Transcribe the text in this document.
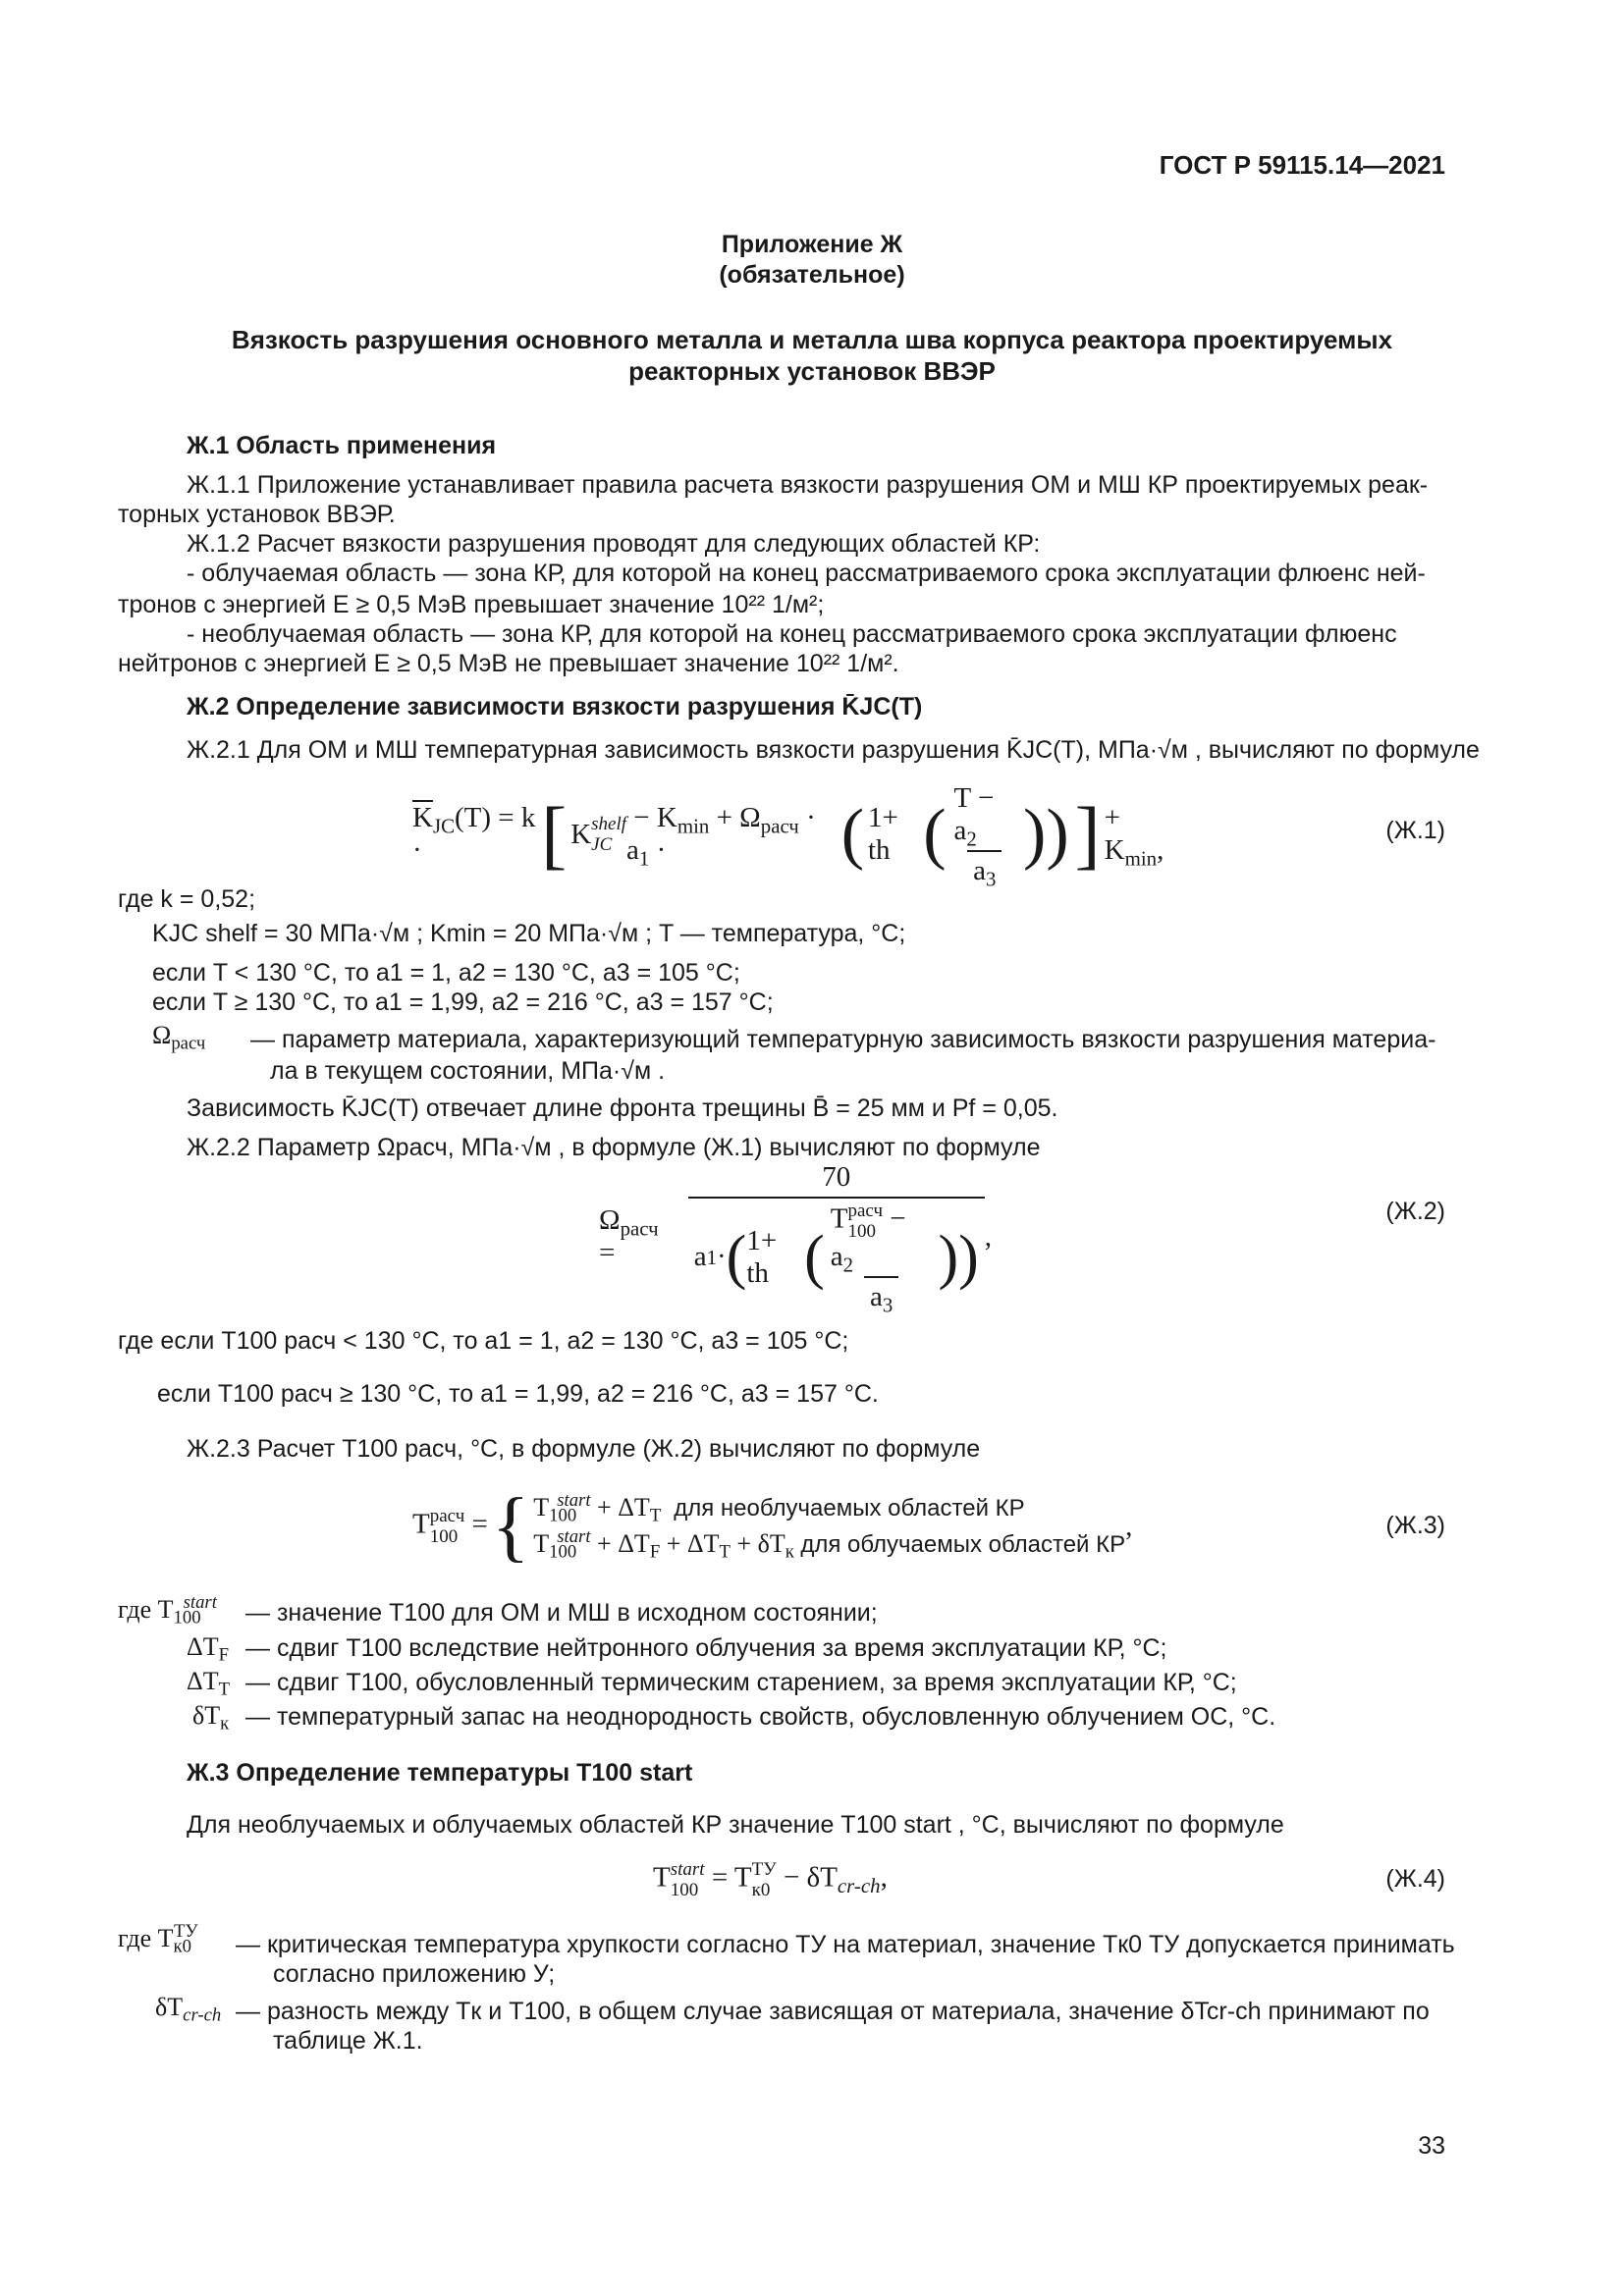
ГОСТ Р 59115.14—2021
Приложение Ж
(обязательное)
Вязкость разрушения основного металла и металла шва корпуса реактора проектируемых
реакторных установок ВВЭР
Ж.1 Область применения
Ж.1.1 Приложение устанавливает правила расчета вязкости разрушения ОМ и МШ КР проектируемых реак-
торных установок ВВЭР.
Ж.1.2 Расчет вязкости разрушения проводят для следующих областей КР:
- облучаемая область — зона КР, для которой на конец рассматриваемого срока эксплуатации флюенс ней-
тронов с энергией E ≥ 0,5 МэВ превышает значение 10²² 1/м²;
- необлучаемая область — зона КР, для которой на конец рассматриваемого срока эксплуатации флюенс
нейтронов с энергией E ≥ 0,5 МэВ не превышает значение 10²² 1/м².
Ж.2 Определение зависимости вязкости разрушения K̄JC(T)
Ж.2.1 Для ОМ и МШ температурная зависимость вязкости разрушения K̄JC(T), МПа·√м , вычисляют по формуле
$\overline{K}_{JC}(T) = k$ ·	[ K shelf
JC
− $K_{min} + \Omega_{расч} \cdot a_1$ ·	( 1+ th ( $\frac{T - a_2}{a_3}$ )) ] + $K_{min}$,
(Ж.1)
где k = 0,52;
KJC shelf = 30 МПа·√м ; Kmin = 20 МПа·√м ; T — температура, °С;
если T < 130 °С, то a1 = 1, a2 = 130 °С, a3 = 105 °С;
если T ≥ 130 °С, то a1 = 1,99, a2 = 216 °С, a3 = 157 °С;
$\Omega_{расч}$ — параметр материала, характеризующий температурную зависимость вязкости разрушения материа-
ла в текущем состоянии, МПа·√м .
Зависимость K̄JC(T) отвечает длине фронта трещины B̄ = 25 мм и Pf = 0,05.
Ж.2.2 Параметр Ωрасч, МПа·√м , в формуле (Ж.1) вычисляют по формуле
$\Omega_{расч}$ =	70
a 1 · ( 1+ th ( T расч
$100 - a_2$
$a_3$ )) ,
(Ж.2)
где если T100 расч < 130 °С, то a1 = 1, a2 = 130 °С, a3 = 105 °С;
если T100 расч ≥ 130 °С, то a1 = 1,99, a2 = 216 °С, a3 = 157 °С.
Ж.2.3 Расчет T100 расч, °С, в формуле (Ж.2) вычисляют по формуле
T расч
100 = { $T_{100}^{start} + \Delta T_T$ для необлучаемых областей КР
$T_{100}^{start} + \Delta T_F + \Delta T_T + \delta T_к$ для облучаемых областей КР
,	(Ж.3)
где $T_{100}^{start}$ — значение T100 для ОМ и МШ в исходном состоянии;
$\Delta T_F$ — сдвиг T100 вследствие нейтронного облучения за время эксплуатации КР, °С;
$\Delta T_T$ — сдвиг T100, обусловленный термическим старением, за время эксплуатации КР, °С;
$\delta T_к$ — температурный запас на неоднородность свойств, обусловленную облучением ОС, °С.
Ж.3 Определение температуры T100 start
Для необлучаемых и облучаемых областей КР значение T100 start , °С, вычисляют по формуле
T start
100 = T ТУ
$к0 - \delta T_{cr-ch}$,	(Ж.4)
где $T_{к0}^{ТУ}$ — критическая температура хрупкости согласно ТУ на материал, значение Tк0 ТУ допускается принимать
согласно приложению У;
$\delta T_{cr-ch}$ — разность между Tк и T100, в общем случае зависящая от материала, значение δTcr-ch принимают по
таблице Ж.1.
33
